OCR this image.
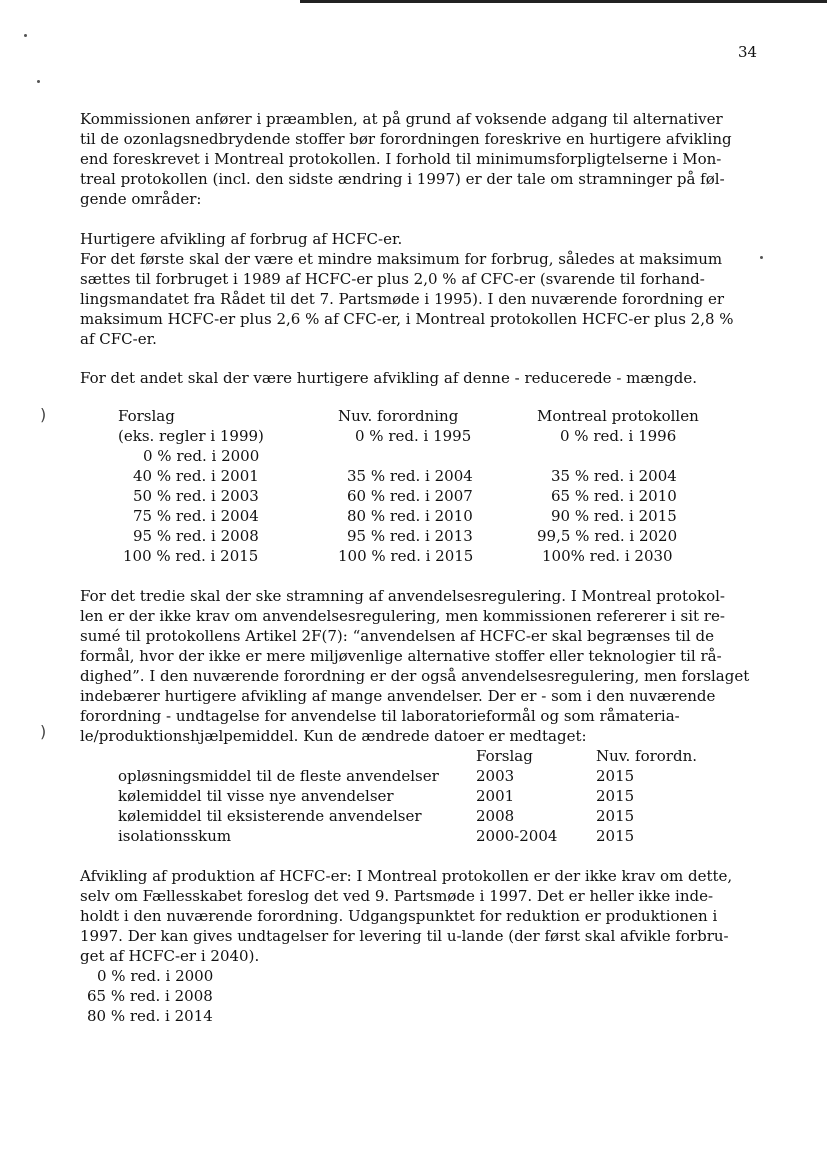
)
)
34
Kommissionen anfører i præamblen, at på grund af voksende adgang til alternativer
til de ozonlagsnedbrydende stoffer bør forordningen foreskrive en hurtigere afvikling
end foreskrevet i Montreal protokollen. I forhold til minimumsforpligtelserne i Mon-
treal protokollen (incl. den sidste ændring i 1997) er der tale om stramninger på føl-
gende områder:
Hurtigere afvikling af forbrug af HCFC-er.
For det første skal der være et mindre maksimum for forbrug, således at maksimum
sættes til forbruget i 1989 af HCFC-er plus 2,0 % af CFC-er (svarende til forhand-
lingsmandatet fra Rådet til det 7. Partsmøde i 1995). I den nuværende forordning er
maksimum HCFC-er plus 2,6 % af CFC-er, i Montreal protokollen HCFC-er plus 2,8 %
af CFC-er.
For det andet skal der være hurtigere afvikling af denne - reducerede - mængde.
Forslag	Nuv. forordning	Montreal protokollen
(eks. regler i 1999)	0 % red. i 1995	0 % red. i 1996
0 % red. i 2000
40 % red. i 2001	35 % red. i 2004	35 % red. i 2004
50 % red. i 2003	60 % red. i 2007	65 % red. i 2010
75 % red. i 2004	80 % red. i 2010	90 % red. i 2015
95 % red. i 2008	95 % red. i 2013	99,5 % red. i 2020
100 % red. i 2015	100 % red. i 2015	100% red. i 2030
For det tredie skal der ske stramning af anvendelsesregulering. I Montreal protokol-
len er der ikke krav om anvendelsesregulering, men kommissionen refererer i sit re-
sumé til protokollens Artikel 2F(7): “anvendelsen af HCFC-er skal begrænses til de
formål, hvor der ikke er mere miljøvenlige alternative stoffer eller teknologier til rå-
dighed”. I den nuværende forordning er der også anvendelsesregulering, men forslaget
indebærer hurtigere afvikling af mange anvendelser. Der er - som i den nuværende
forordning - undtagelse for anvendelse til laboratorieformål og som råmateria-
le/produktionshjælpemiddel. Kun de ændrede datoer er medtaget:
Forslag	Nuv. forordn.
opløsningsmiddel til de fleste anvendelser 2003	2015
kølemiddel til visse nye anvendelser	2001	2015
kølemiddel til eksisterende anvendelser	2008	2015
isolationsskum	2000-2004	2015
Afvikling af produktion af HCFC-er: I Montreal protokollen er der ikke krav om dette,
selv om Fællesskabet foreslog det ved 9. Partsmøde i 1997. Det er heller ikke inde-
holdt i den nuværende forordning. Udgangspunktet for reduktion er produktionen i
1997. Der kan gives undtagelser for levering til u-lande (der først skal afvikle forbru-
get af HCFC-er i 2040).
0 % red. i 2000
65 % red. i 2008
80 % red. i 2014
